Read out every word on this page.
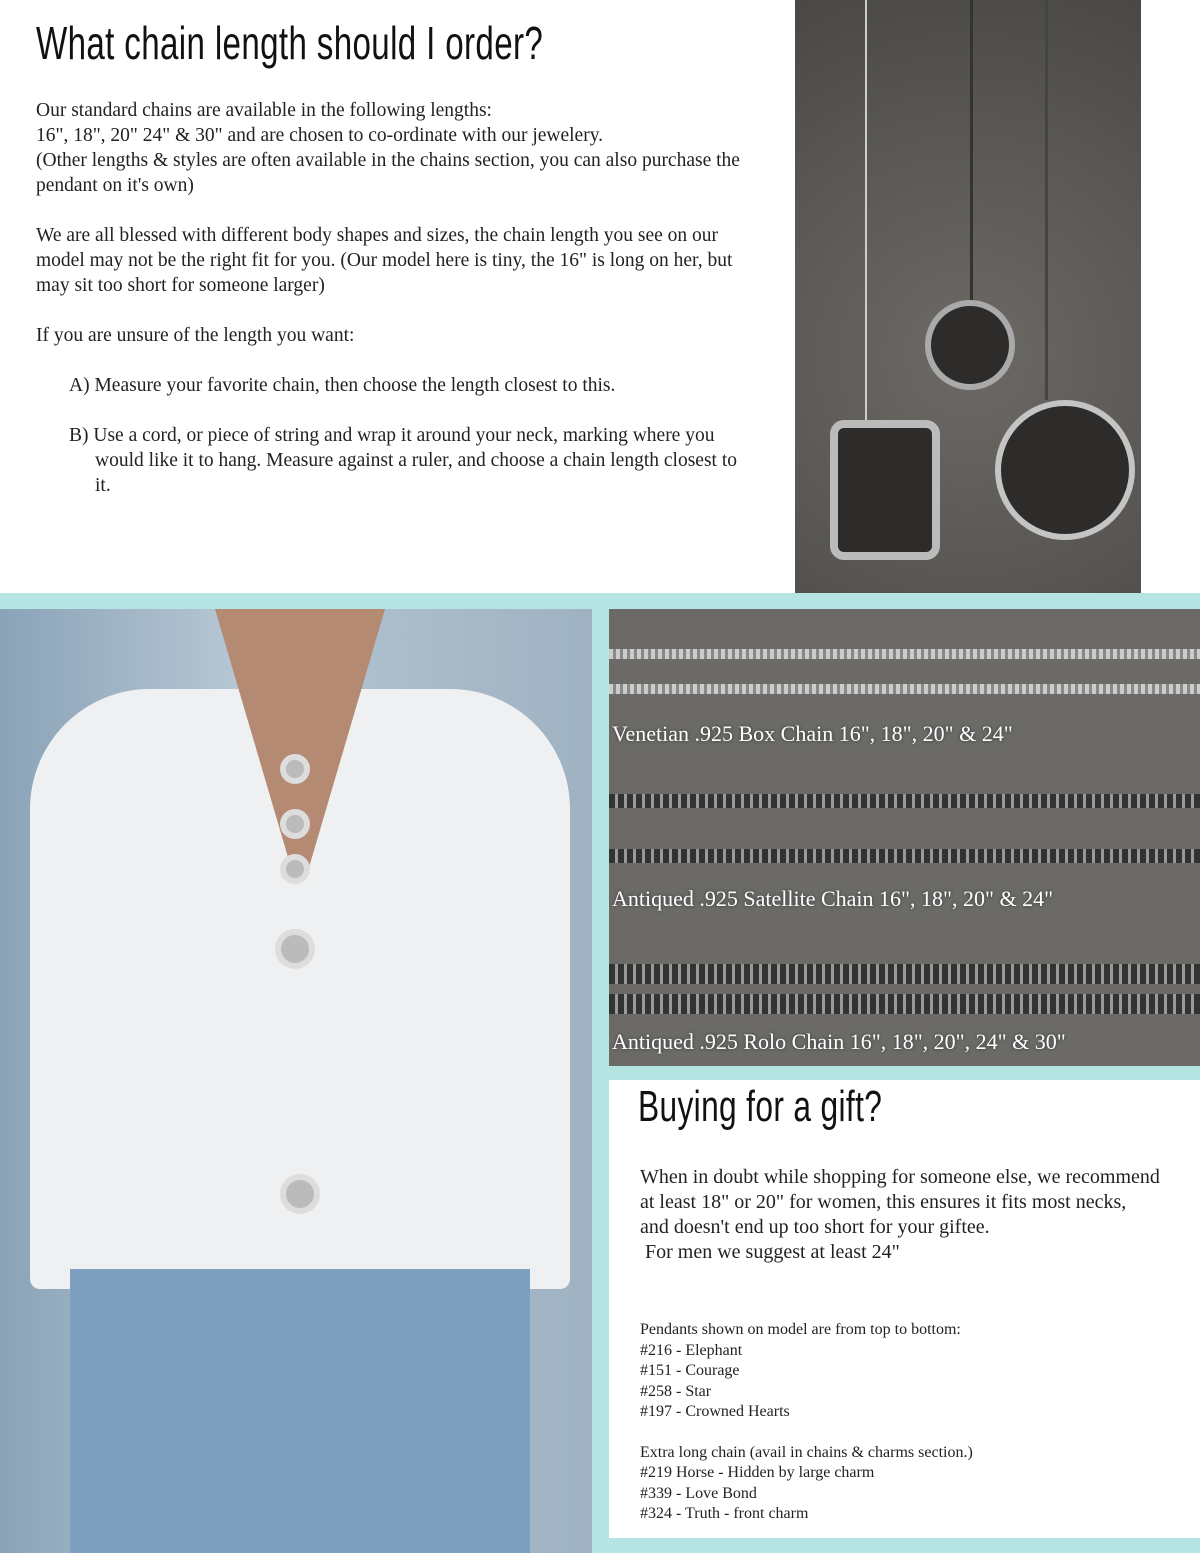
What chain length should I order?

Our standard chains are available in the following lengths:
16", 18", 20" 24" & 30" and are chosen to co-ordinate with our jewelery.
(Other lengths & styles are often available in the chains section, you can also purchase the pendant on it's own)

We are all blessed with different body shapes and sizes, the chain length you see on our model may not be the right fit for you. (Our model here is tiny, the 16" is long on her, but may sit too short for someone larger)

If you are unsure of the length you want:

A) Measure your favorite chain, then choose the length closest to this.

B) Use a cord, or piece of string and wrap it around your neck, marking where you would like it to hang. Measure against a ruler, and choose a chain length closest to it.

Venetian .925 Box Chain 16", 18", 20" & 24"
Antiqued .925 Satellite Chain 16", 18", 20" & 24"
Antiqued .925 Rolo Chain 16", 18", 20", 24" & 30"
Buying for a gift?
When in doubt while shopping for someone else, we recommend at least 18" or 20" for women, this ensures it fits most necks, and doesn't end up too short for your giftee.
For men we suggest at least 24"
Pendants shown on model are from top to bottom:
#216 - Elephant
#151 - Courage
#258 - Star
#197 - Crowned Hearts
Extra long chain (avail in chains & charms section.)
#219 Horse - Hidden by large charm
#339 - Love Bond
#324 - Truth - front charm
